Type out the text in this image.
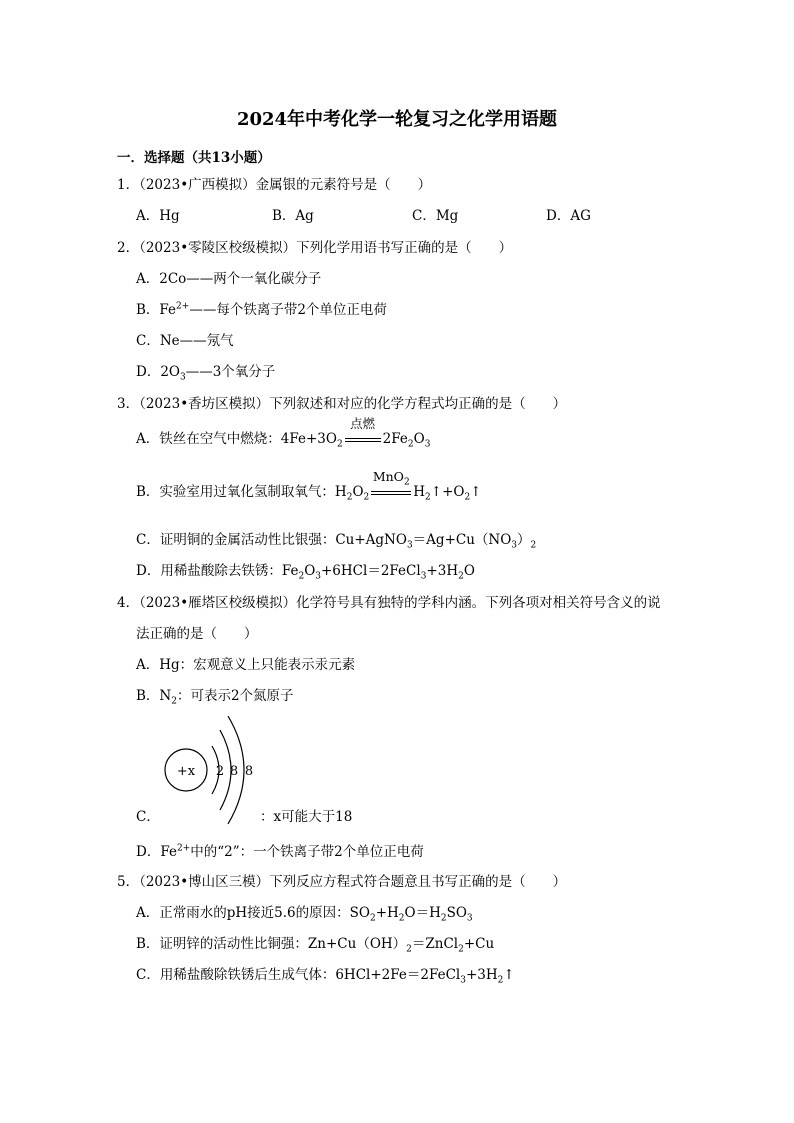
2024年中考化学一轮复习之化学用语题
一．选择题（共13小题）
1．（2023•广西模拟）金属银的元素符号是（　　）
A．Hg	B．Ag	C．Mg	D．AG
2．（2023•零陵区校级模拟）下列化学用语书写正确的是（　　）
A．2Co——两个一氧化碳分子
B．$Fe^{2+}——$每个铁离子带2个单位正电荷
C．Ne——氖气
D．$2O_3——3$个氧分子
3．（2023•香坊区模拟）下列叙述和对应的化学方程式均正确的是（　　）
A．铁丝在空气中燃烧：$4Fe+3O_2$
点燃
$2Fe_2O_3$
B．实验室用过氧化氢制取氧气：$H_2O_2$
MnO$_2$
$H_2↑+O_2↑$
C．证明铜的金属活动性比银强：$Cu+AgNO_3=Ag+Cu(NO_3)_2$
D．用稀盐酸除去铁锈：$Fe_2O_3+6HCl=2FeCl_3+3H_2O$
4．（2023•雁塔区校级模拟）化学符号具有独特的学科内涵。下列各项对相关符号含义的说
法正确的是（　　）
A．Hg：宏观意义上只能表示汞元素
B．$N_2$：可表示2个氮原子
+x 2 8 8
C．	：x可能大于18
D．$Fe^{2+}$中的“2”：一个铁离子带2个单位正电荷
5．（2023•博山区三模）下列反应方程式符合题意且书写正确的是（　　）
A．正常雨水的pH接近5.6的原因：$SO_2+H_2O=H_2SO_3$
B．证明锌的活动性比铜强：$Zn+Cu(OH)_2=ZnCl_2+Cu$
C．用稀盐酸除铁锈后生成气体：$6HCl+2Fe=2FeCl_3+3H_2↑$
